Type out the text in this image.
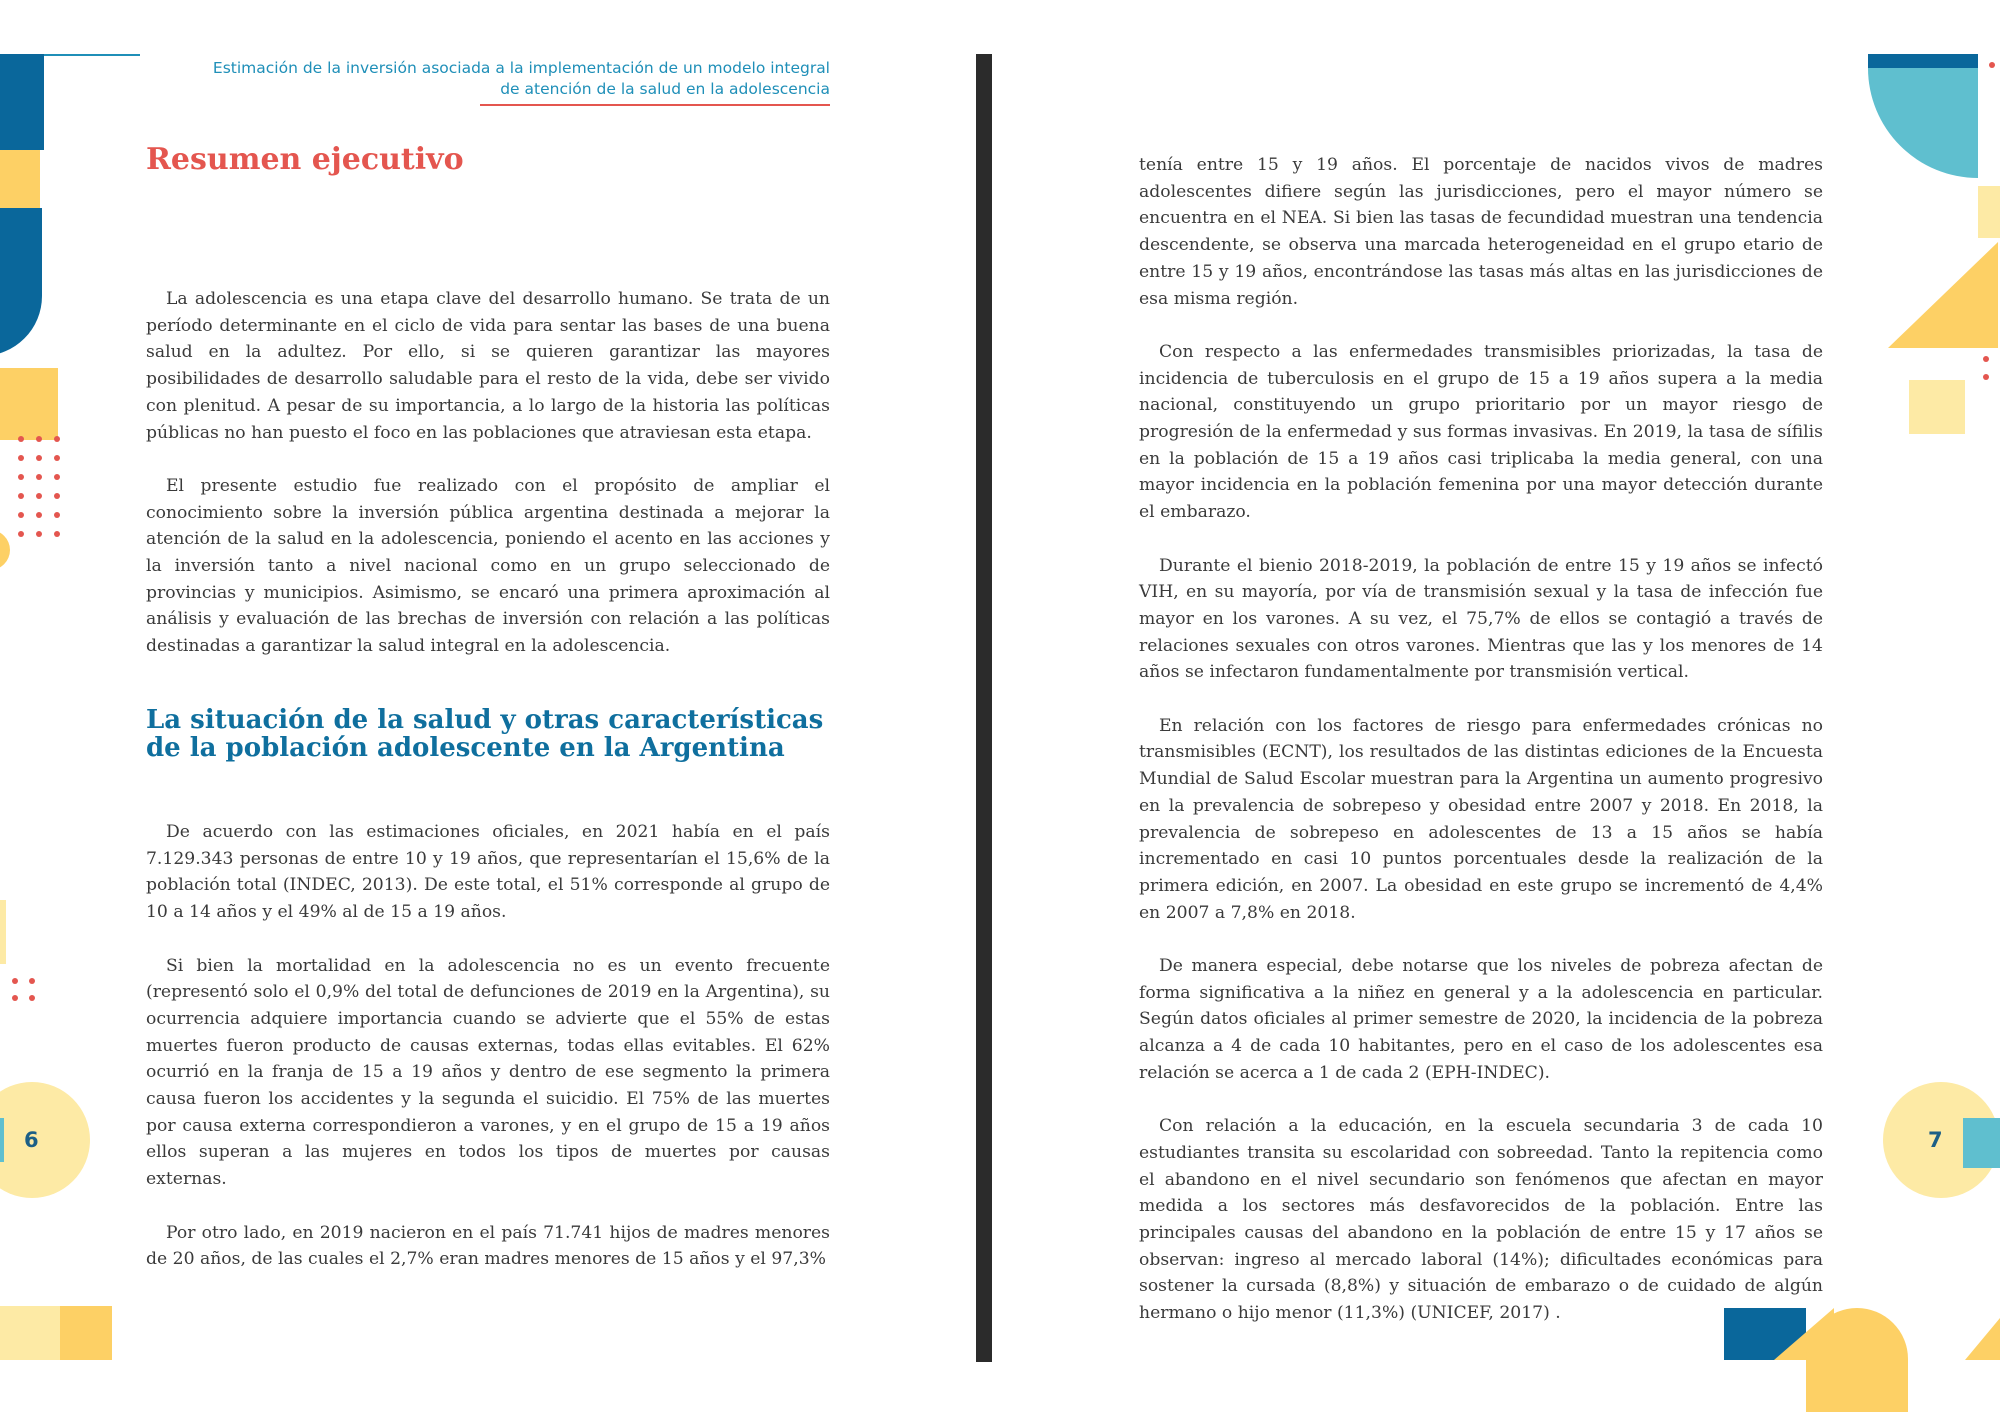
6
Estimación de la inversión asociada a la implementación de un modelo integral
de atención de la salud en la adolescencia
Resumen ejecutivo

La adolescencia es una etapa clave del desarrollo humano. Se trata de un período determinante en el ciclo de vida para sentar las bases de una buena salud en la adultez. Por ello, si se quieren garantizar las mayores posibilidades de desarrollo saludable para el resto de la vida, debe ser vivido con plenitud. A pesar de su importancia, a lo largo de la historia las políticas públicas no han puesto el foco en las poblaciones que atraviesan esta etapa.

El presente estudio fue realizado con el propósito de ampliar el conocimiento sobre la inversión pública argentina destinada a mejorar la atención de la salud en la adolescencia, poniendo el acento en las acciones y la inversión tanto a nivel nacional como en un grupo seleccionado de provincias y municipios. Asimismo, se encaró una primera aproximación al análisis y evaluación de las brechas de inversión con relación a las políticas destinadas a garantizar la salud integral en la adolescencia.

La situación de la salud y otras características de la población adolescente en la Argentina

De acuerdo con las estimaciones oficiales, en 2021 había en el país 7.129.343 personas de entre 10 y 19 años, que representarían el 15,6% de la población total (INDEC, 2013). De este total, el 51% corresponde al grupo de 10 a 14 años y el 49% al de 15 a 19 años.

Si bien la mortalidad en la adolescencia no es un evento frecuente (representó solo el 0,9% del total de defunciones de 2019 en la Argentina), su ocurrencia adquiere importancia cuando se advierte que el 55% de estas muertes fueron producto de causas externas, todas ellas evitables. El 62% ocurrió en la franja de 15 a 19 años y dentro de ese segmento la primera causa fueron los accidentes y la segunda el suicidio. El 75% de las muertes por causa externa correspondieron a varones, y en el grupo de 15 a 19 años ellos superan a las mujeres en todos los tipos de muertes por causas externas.

Por otro lado, en 2019 nacieron en el país 71.741 hijos de madres menores de 20 años, de las cuales el 2,7% eran madres menores de 15 años y el 97,3%

7

tenía entre 15 y 19 años. El porcentaje de nacidos vivos de madres adolescentes difiere según las jurisdicciones, pero el mayor número se encuentra en el NEA. Si bien las tasas de fecundidad muestran una tendencia descendente, se observa una marcada heterogeneidad en el grupo etario de entre 15 y 19 años, encontrándose las tasas más altas en las jurisdicciones de esa misma región.

Con respecto a las enfermedades transmisibles priorizadas, la tasa de incidencia de tuberculosis en el grupo de 15 a 19 años supera a la media nacional, constituyendo un grupo prioritario por un mayor riesgo de progresión de la enfermedad y sus formas invasivas. En 2019, la tasa de sífilis en la población de 15 a 19 años casi triplicaba la media general, con una mayor incidencia en la población femenina por una mayor detección durante el embarazo.

Durante el bienio 2018-2019, la población de entre 15 y 19 años se infectó VIH, en su mayoría, por vía de transmisión sexual y la tasa de infección fue mayor en los varones. A su vez, el 75,7% de ellos se contagió a través de relaciones sexuales con otros varones. Mientras que las y los menores de 14 años se infectaron fundamentalmente por transmisión vertical.

En relación con los factores de riesgo para enfermedades crónicas no transmisibles (ECNT), los resultados de las distintas ediciones de la Encuesta Mundial de Salud Escolar muestran para la Argentina un aumento progresivo en la prevalencia de sobrepeso y obesidad entre 2007 y 2018. En 2018, la prevalencia de sobrepeso en adolescentes de 13 a 15 años se había incrementado en casi 10 puntos porcentuales desde la realización de la primera edición, en 2007. La obesidad en este grupo se incrementó de 4,4% en 2007 a 7,8% en 2018.

De manera especial, debe notarse que los niveles de pobreza afectan de forma significativa a la niñez en general y a la adolescencia en particular. Según datos oficiales al primer semestre de 2020, la incidencia de la pobreza alcanza a 4 de cada 10 habitantes, pero en el caso de los adolescentes esa relación se acerca a 1 de cada 2 (EPH-INDEC).

Con relación a la educación, en la escuela secundaria 3 de cada 10 estudiantes transita su escolaridad con sobreedad. Tanto la repitencia como el abandono en el nivel secundario son fenómenos que afectan en mayor medida a los sectores más desfavorecidos de la población. Entre las principales causas del abandono en la población de entre 15 y 17 años se observan: ingreso al mercado laboral (14%); dificultades económicas para sostener la cursada (8,8%) y situación de embarazo o de cuidado de algún hermano o hijo menor (11,3%) (UNICEF, 2017) .
